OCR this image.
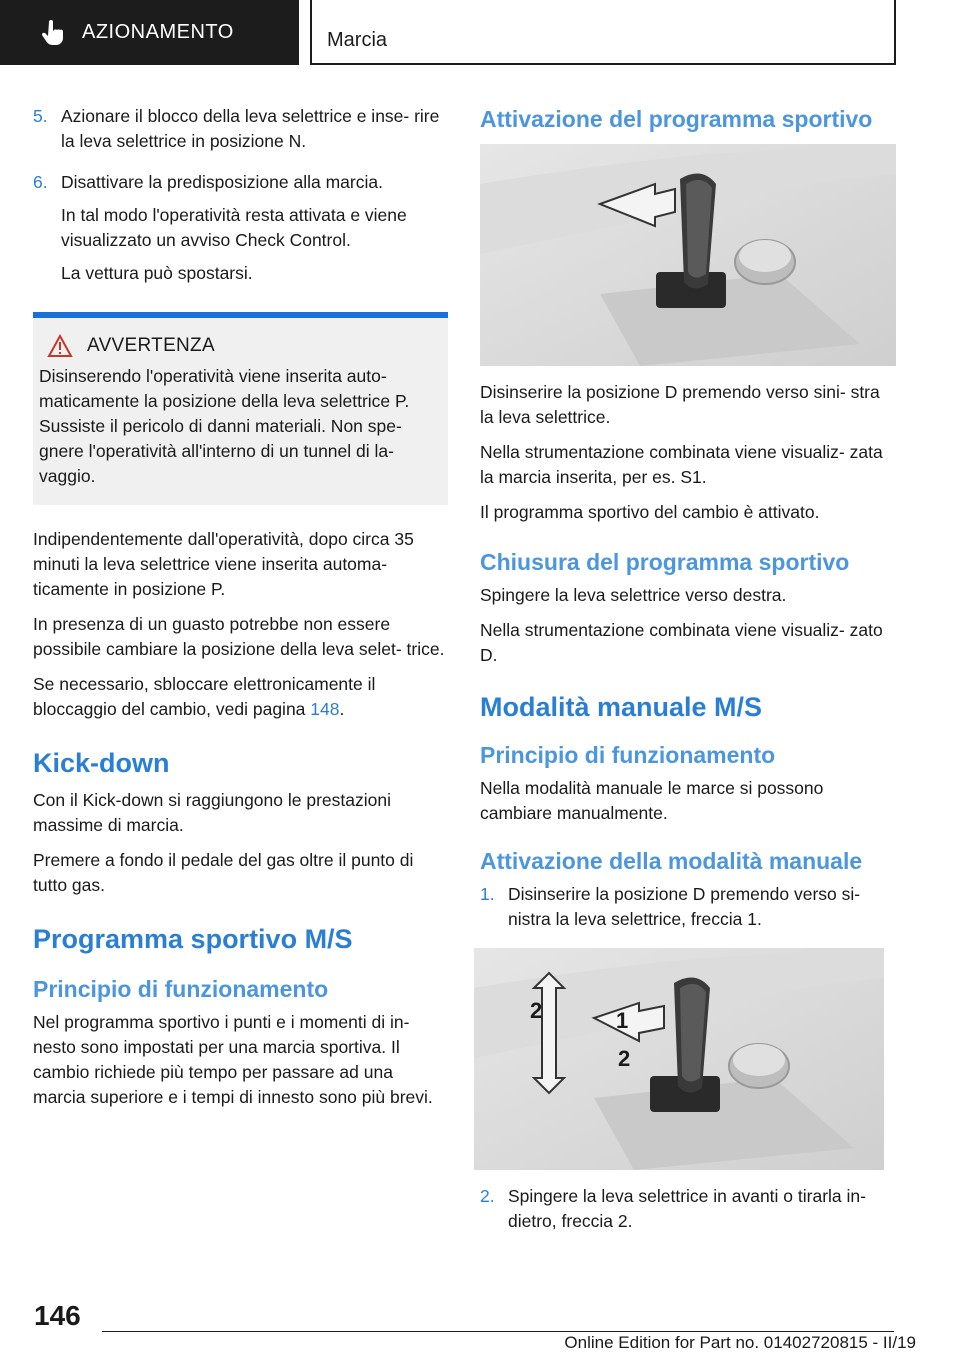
AZIONAMENTO	Marcia
5. Azionare il blocco della leva selettrice e inse- rire la leva selettrice in posizione N.

6. Disattivare la predisposizione alla marcia.

In tal modo l'operatività resta attivata e viene visualizzato un avviso Check Control.

La vettura può spostarsi.

AVVERTENZA

Disinserendo l'operatività viene inserita auto- maticamente la posizione della leva selettrice P. Sussiste il pericolo di danni materiali. Non spe- gnere l'operatività all'interno di un tunnel di la- vaggio.

Indipendentemente dall'operatività, dopo circa 35 minuti la leva selettrice viene inserita automa- ticamente in posizione P.

In presenza di un guasto potrebbe non essere possibile cambiare la posizione della leva selet- trice.

Se necessario, sbloccare elettronicamente il bloccaggio del cambio, vedi pagina 148.

Kick-down

Con il Kick-down si raggiungono le prestazioni massime di marcia.

Premere a fondo il pedale del gas oltre il punto di tutto gas.

Programma sportivo M/S
Principio di funzionamento

Nel programma sportivo i punti e i momenti di in- nesto sono impostati per una marcia sportiva. Il cambio richiede più tempo per passare ad una marcia superiore e i tempi di innesto sono più brevi.

Attivazione del programma sportivo

Disinserire la posizione D premendo verso sini- stra la leva selettrice.

Nella strumentazione combinata viene visualiz- zata la marcia inserita, per es. S1.

Il programma sportivo del cambio è attivato.

Chiusura del programma sportivo

Spingere la leva selettrice verso destra.

Nella strumentazione combinata viene visualiz- zato D.

Modalità manuale M/S
Principio di funzionamento

Nella modalità manuale le marce si possono cambiare manualmente.

Attivazione della modalità manuale
1. Disinserire la posizione D premendo verso si- nistra la leva selettrice, freccia 1.

1
2
2
2. Spingere la leva selettrice in avanti o tirarla in- dietro, freccia 2.

146
Online Edition for Part no. 01402720815 - II/19
